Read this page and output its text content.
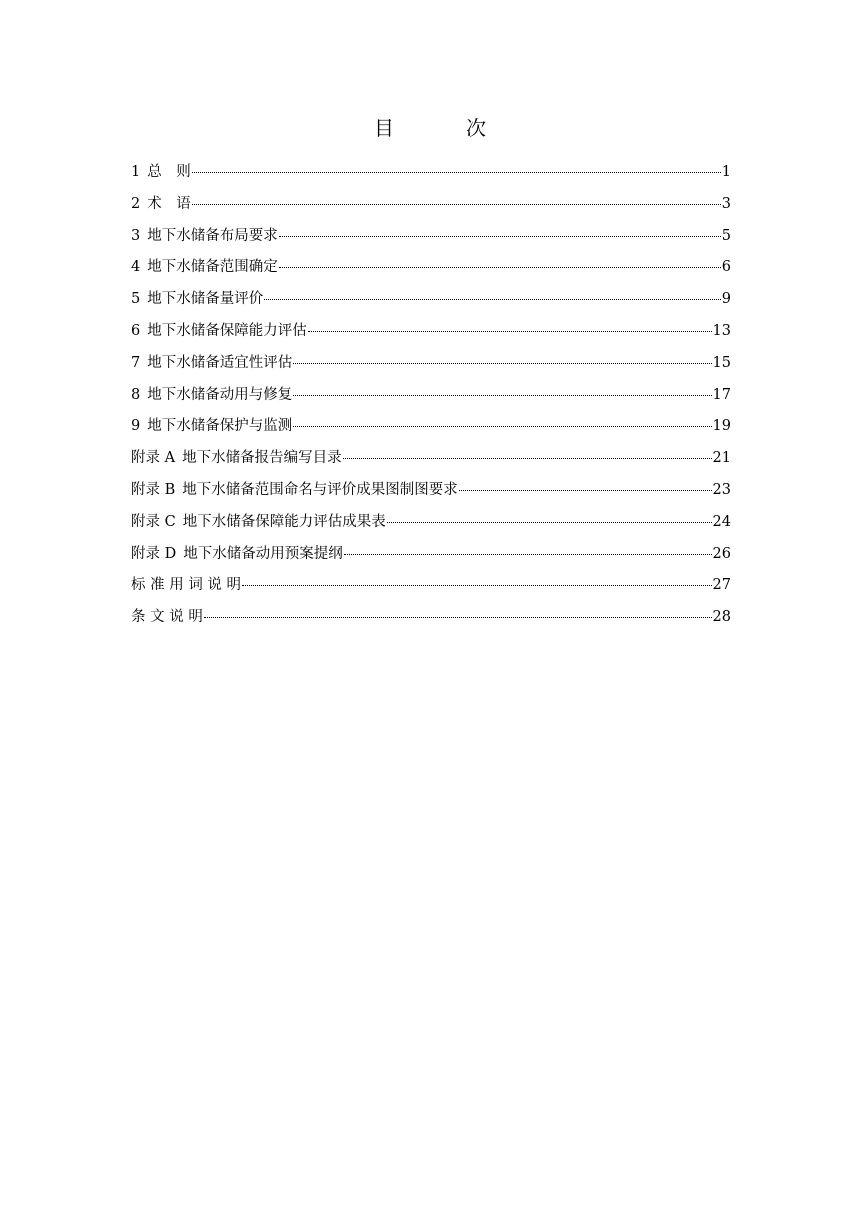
目　次
1 总　则	1
2 术　语	3
3 地下水储备布局要求	5
4 地下水储备范围确定	6
5 地下水储备量评价	9
6 地下水储备保障能力评估	13
7 地下水储备适宜性评估	15
8 地下水储备动用与修复	17
9 地下水储备保护与监测	19
附录 A 地下水储备报告编写目录	21
附录 B 地下水储备范围命名与评价成果图制图要求	23
附录 C 地下水储备保障能力评估成果表	24
附录 D 地下水储备动用预案提纲	26
标 准 用 词 说 明	27
条 文 说 明	28
